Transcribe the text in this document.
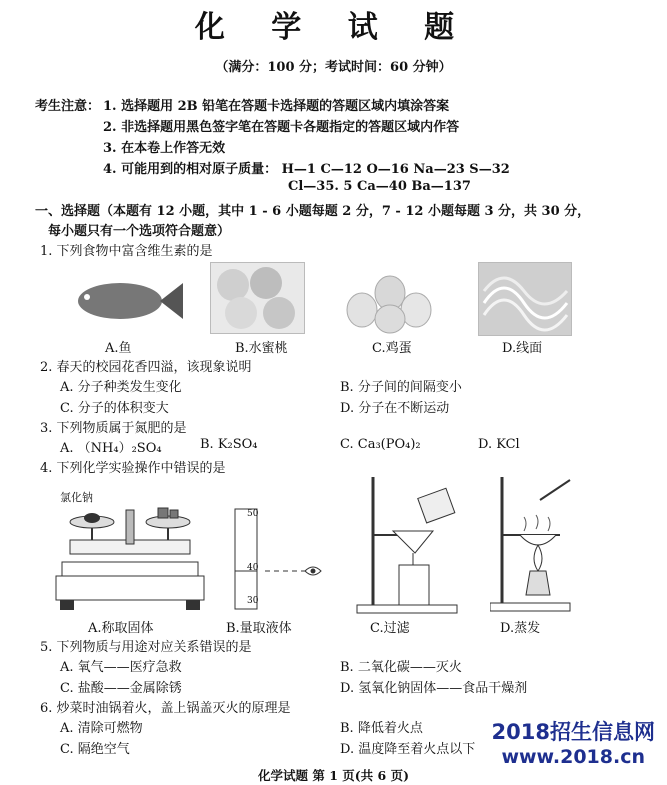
化 学 试 题
（满分：100 分；考试时间：60 分钟）
考生注意： 1. 选择题用 2B 铅笔在答题卡选择题的答题区域内填涂答案
2. 非选择题用黑色签字笔在答题卡各题指定的答题区域内作答
3. 在本卷上作答无效
4. 可能用到的相对原子质量： H—1 C—12 O—16 Na—23 S—32
Cl—35. 5 Ca—40 Ba—137
一、选择题（本题有 12 小题，其中 1 - 6 小题每题 2 分，7 - 12 小题每题 3 分，共 30 分，
每小题只有一个选项符合题意）
1. 下列食物中富含维生素的是
A.鱼	B.水蜜桃	C.鸡蛋	D.线面
2. 春天的校园花香四溢，该现象说明
A. 分子种类发生变化	B. 分子间的间隔变小
C. 分子的体积变大	D. 分子在不断运动
3. 下列物质属于氮肥的是
A. （NH₄）₂SO₄	B. K₂SO₄	C. Ca₃(PO₄)₂	D. KCl
4. 下列化学实验操作中错误的是
氯化钠
50
40
30
A.称取固体	B.量取液体	C.过滤	D.蒸发
5. 下列物质与用途对应关系错误的是
A. 氧气——医疗急救	B. 二氧化碳——灭火
C. 盐酸——金属除锈	D. 氢氧化钠固体——食品干燥剂
6. 炒菜时油锅着火，盖上锅盖灭火的原理是
A. 清除可燃物	B. 降低着火点
C. 隔绝空气	D. 温度降至着火点以下
2018招生信息网
www.2018.cn
化学试题 第 1 页(共 6 页)
